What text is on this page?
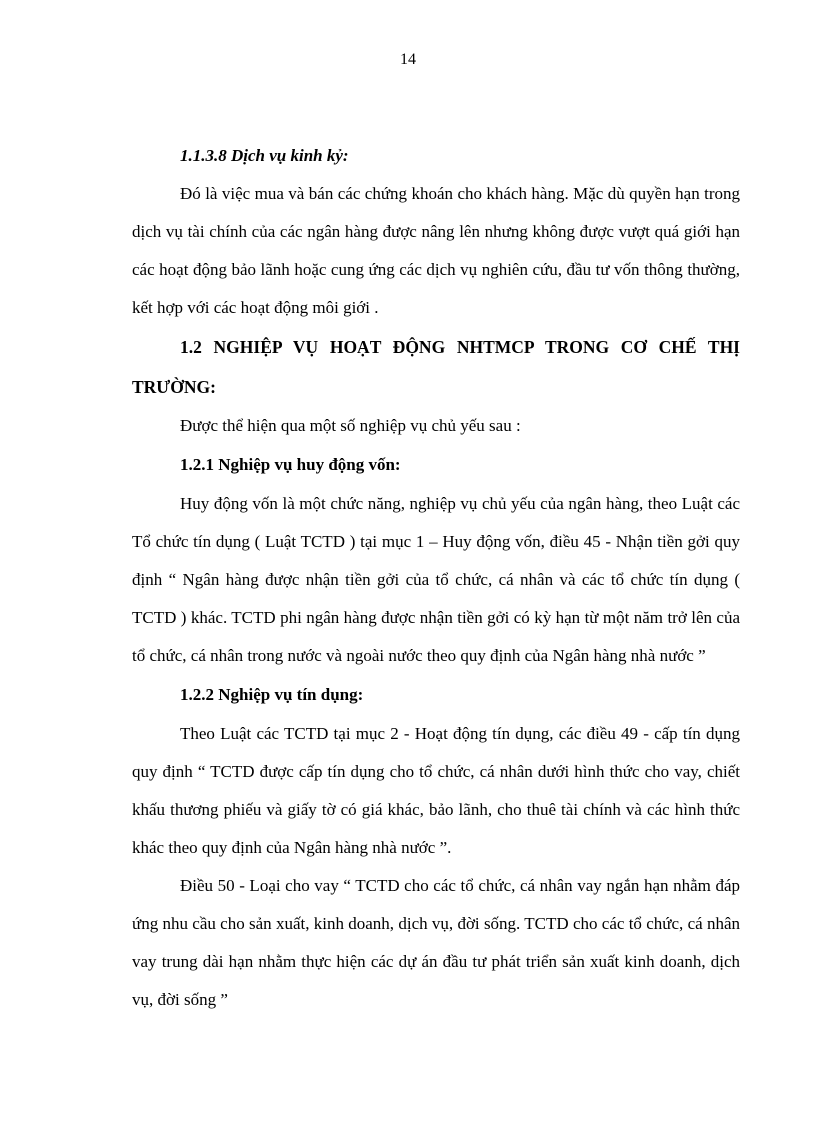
14
1.1.3.8 Dịch vụ kinh kỷ:

Đó là việc mua và bán các chứng khoán cho khách hàng. Mặc dù quyền hạn trong dịch vụ tài chính của các ngân hàng được nâng lên nhưng không được vượt quá giới hạn các hoạt động bảo lãnh hoặc cung ứng các dịch vụ nghiên cứu, đầu tư vốn thông thường, kết hợp với các hoạt động môi giới .

1.2 NGHIỆP VỤ HOẠT ĐỘNG NHTMCP TRONG CƠ CHẾ THỊ TRƯỜNG:

Được thể hiện qua một số nghiệp vụ chủ yếu sau :

1.2.1 Nghiệp vụ huy động vốn:

Huy động vốn là một chức năng, nghiệp vụ chủ yếu của ngân hàng, theo Luật các Tổ chức tín dụng ( Luật TCTD ) tại mục 1 – Huy động vốn, điều 45 - Nhận tiền gởi quy định “ Ngân hàng được nhận tiền gởi của tổ chức, cá nhân và các tổ chức tín dụng ( TCTD ) khác. TCTD phi ngân hàng được nhận tiền gởi có kỳ hạn từ một năm trở lên của tổ chức, cá nhân trong nước và ngoài nước theo quy định của Ngân hàng nhà nước ”

1.2.2 Nghiệp vụ tín dụng:

Theo Luật các TCTD tại mục 2 - Hoạt động tín dụng, các điều 49 - cấp tín dụng quy định “ TCTD được cấp tín dụng cho tổ chức, cá nhân dưới hình thức cho vay, chiết khấu thương phiếu và giấy tờ có giá khác, bảo lãnh, cho thuê tài chính và các hình thức khác theo quy định của Ngân hàng nhà nước ”.

Điều 50 - Loại cho vay “ TCTD cho các tổ chức, cá nhân vay ngắn hạn nhằm đáp ứng nhu cầu cho sản xuất, kinh doanh, dịch vụ, đời sống. TCTD cho các tổ chức, cá nhân vay trung dài hạn nhằm thực hiện các dự án đầu tư phát triển sản xuất kinh doanh, dịch vụ, đời sống ”
